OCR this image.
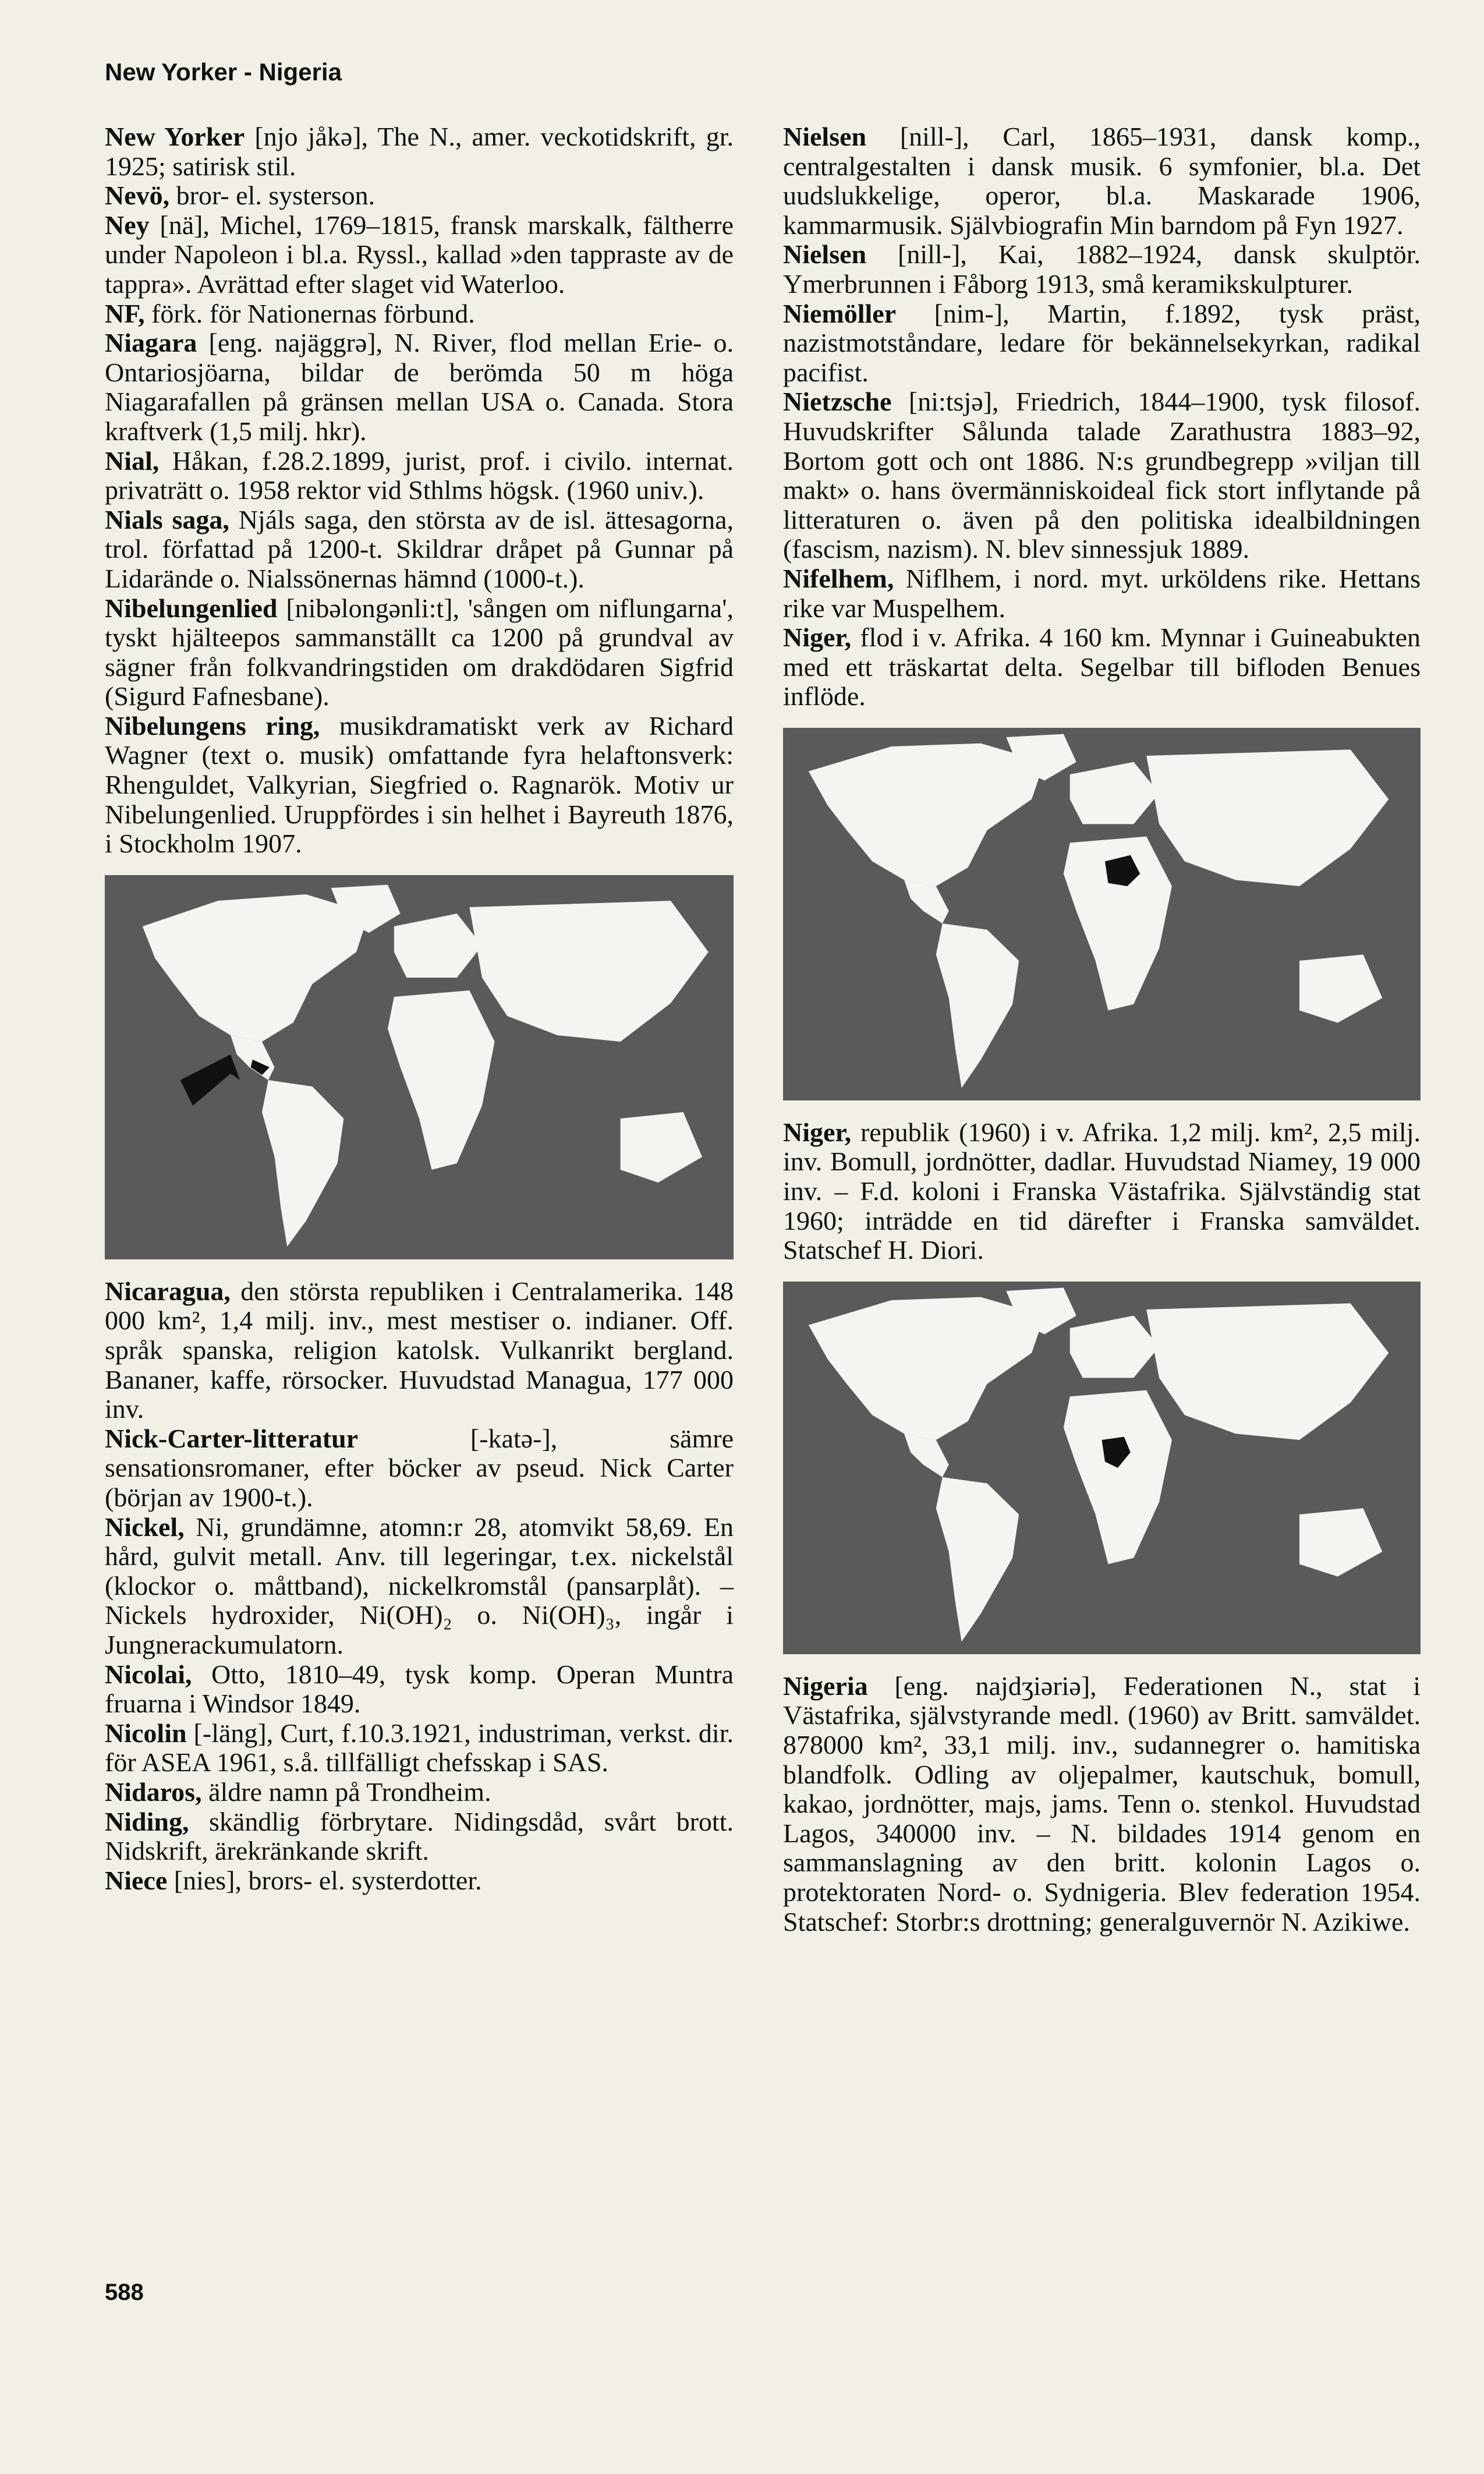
New Yorker - Nigeria

New Yorker [njo jåkə], The N., amer. veckotidskrift, gr. 1925; satirisk stil.

Nevö, bror- el. systerson.

Ney [nä], Michel, 1769–1815, fransk marskalk, fältherre under Napoleon i bl.a. Ryssl., kallad »den tappraste av de tappra». Avrättad efter slaget vid Waterloo.

NF, förk. för Nationernas förbund.

Niagara [eng. najäggrə], N. River, flod mellan Erie- o. Ontariosjöarna, bildar de berömda 50 m höga Niagarafallen på gränsen mellan USA o. Canada. Stora kraftverk (1,5 milj. hkr).

Nial, Håkan, f.28.2.1899, jurist, prof. i civilo. internat. privaträtt o. 1958 rektor vid Sthlms högsk. (1960 univ.).

Nials saga, Njáls saga, den största av de isl. ättesagorna, trol. författad på 1200-t. Skildrar dråpet på Gunnar på Lidarände o. Nialssönernas hämnd (1000-t.).

Nibelungenlied [nibəlongənli:t], 'sången om niflungarna', tyskt hjälteepos sammanställt ca 1200 på grundval av sägner från folkvandringstiden om drakdödaren Sigfrid (Sigurd Fafnesbane).

Nibelungens ring, musikdramatiskt verk av Richard Wagner (text o. musik) omfattande fyra helaftonsverk: Rhenguldet, Valkyrian, Siegfried o. Ragnarök. Motiv ur Nibelungenlied. Uruppfördes i sin helhet i Bayreuth 1876, i Stockholm 1907.

Nicaragua, den största republiken i Centralamerika. 148 000 km², 1,4 milj. inv., mest mestiser o. indianer. Off. språk spanska, religion katolsk. Vulkanrikt bergland. Bananer, kaffe, rörsocker. Huvudstad Managua, 177 000 inv.

Nick-Carter-litteratur [-katə-], sämre sensationsromaner, efter böcker av pseud. Nick Carter (början av 1900-t.).

Nickel, Ni, grundämne, atomn:r 28, atomvikt 58,69. En hård, gulvit metall. Anv. till legeringar, t.ex. nickelstål (klockor o. måttband), nickelkromstål (pansarplåt). – Nickels hydroxider, Ni(OH)₂ o. Ni(OH)₃, ingår i Jungnerackumulatorn.

Nicolai, Otto, 1810–49, tysk komp. Operan Muntra fruarna i Windsor 1849.

Nicolin [-läng], Curt, f.10.3.1921, industriman, verkst. dir. för ASEA 1961, s.å. tillfälligt chefsskap i SAS.

Nidaros, äldre namn på Trondheim.

Niding, skändlig förbrytare. Nidingsdåd, svårt brott. Nidskrift, ärekränkande skrift.

Niece [nies], brors- el. systerdotter.

Nielsen [nill-], Carl, 1865–1931, dansk komp., centralgestalten i dansk musik. 6 symfonier, bl.a. Det uudslukkelige, operor, bl.a. Maskarade 1906, kammarmusik. Självbiografin Min barndom på Fyn 1927.

Nielsen [nill-], Kai, 1882–1924, dansk skulptör. Ymerbrunnen i Fåborg 1913, små keramikskulpturer.

Niemöller [nim-], Martin, f.1892, tysk präst, nazistmotståndare, ledare för bekännelsekyrkan, radikal pacifist.

Nietzsche [ni:tsjə], Friedrich, 1844–1900, tysk filosof. Huvudskrifter Sålunda talade Zarathustra 1883–92, Bortom gott och ont 1886. N:s grundbegrepp »viljan till makt» o. hans övermänniskoideal fick stort inflytande på litteraturen o. även på den politiska idealbildningen (fascism, nazism). N. blev sinnessjuk 1889.

Nifelhem, Niflhem, i nord. myt. urköldens rike. Hettans rike var Muspelhem.

Niger, flod i v. Afrika. 4 160 km. Mynnar i Guineabukten med ett träskartat delta. Segelbar till bifloden Benues inflöde.

Niger, republik (1960) i v. Afrika. 1,2 milj. km², 2,5 milj. inv. Bomull, jordnötter, dadlar. Huvudstad Niamey, 19 000 inv. – F.d. koloni i Franska Västafrika. Självständig stat 1960; inträdde en tid därefter i Franska samväldet. Statschef H. Diori.

Nigeria [eng. najdʒiəriə], Federationen N., stat i Västafrika, självstyrande medl. (1960) av Britt. samväldet. 878000 km², 33,1 milj. inv., sudannegrer o. hamitiska blandfolk. Odling av oljepalmer, kautschuk, bomull, kakao, jordnötter, majs, jams. Tenn o. stenkol. Huvudstad Lagos, 340000 inv. – N. bildades 1914 genom en sammanslagning av den britt. kolonin Lagos o. protektoraten Nord- o. Sydnigeria. Blev federation 1954. Statschef: Storbr:s drottning; generalguvernör N. Azikiwe.

588
